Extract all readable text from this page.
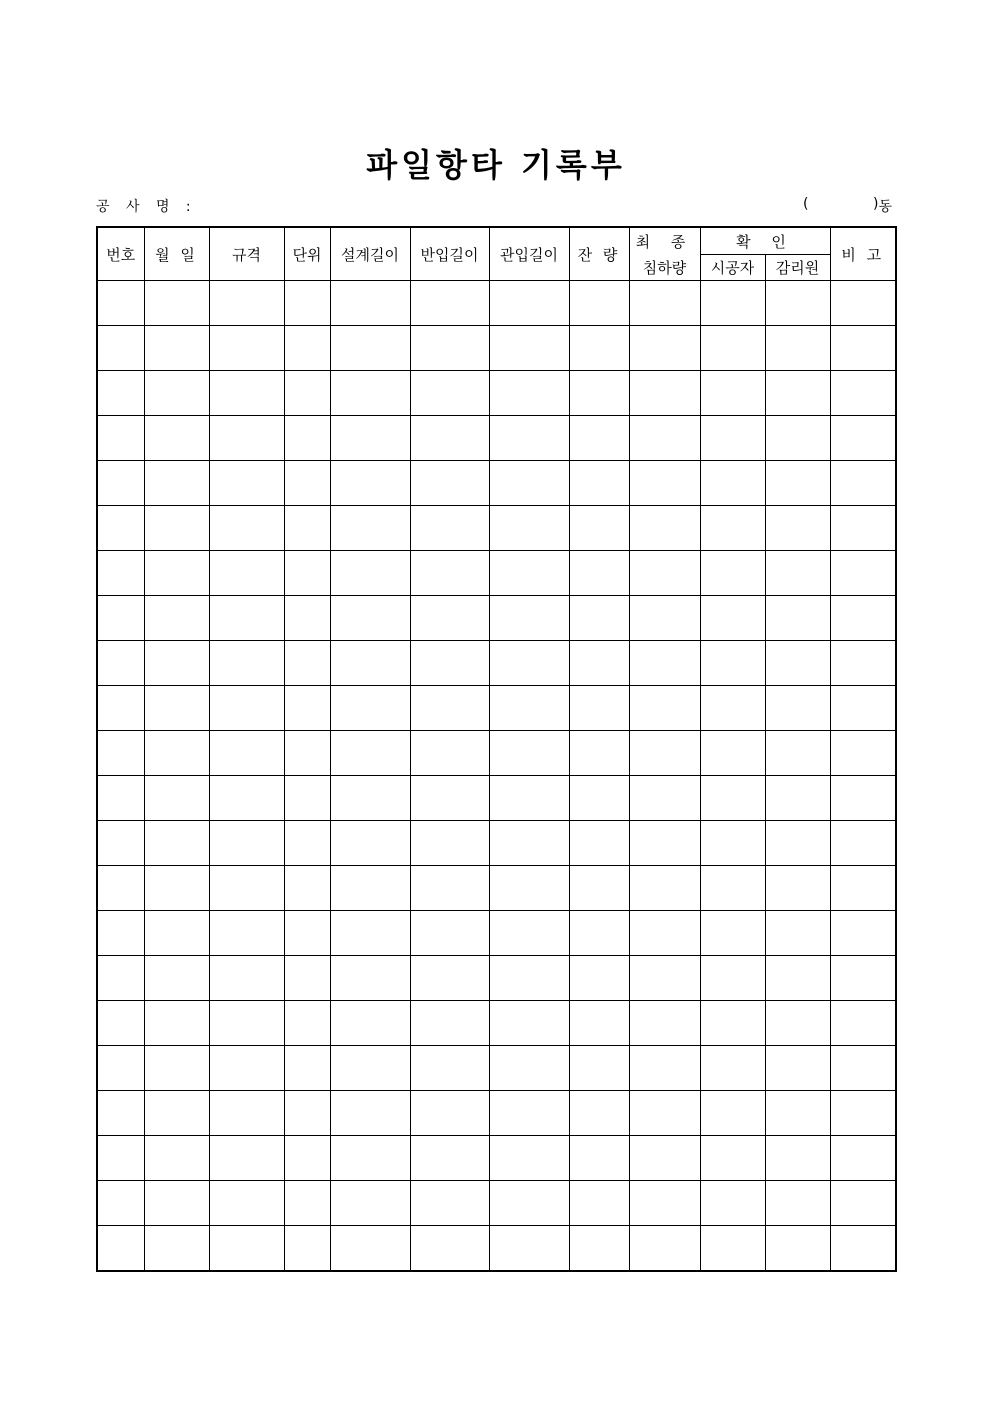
파일항타 기록부
공 사 명 :	(	) 동
번호	월 일	규격	단위	설계길이	반입길이	관입길이	잔 량	최 종	확 인		비 고
								침하량	시공자	감리원	
